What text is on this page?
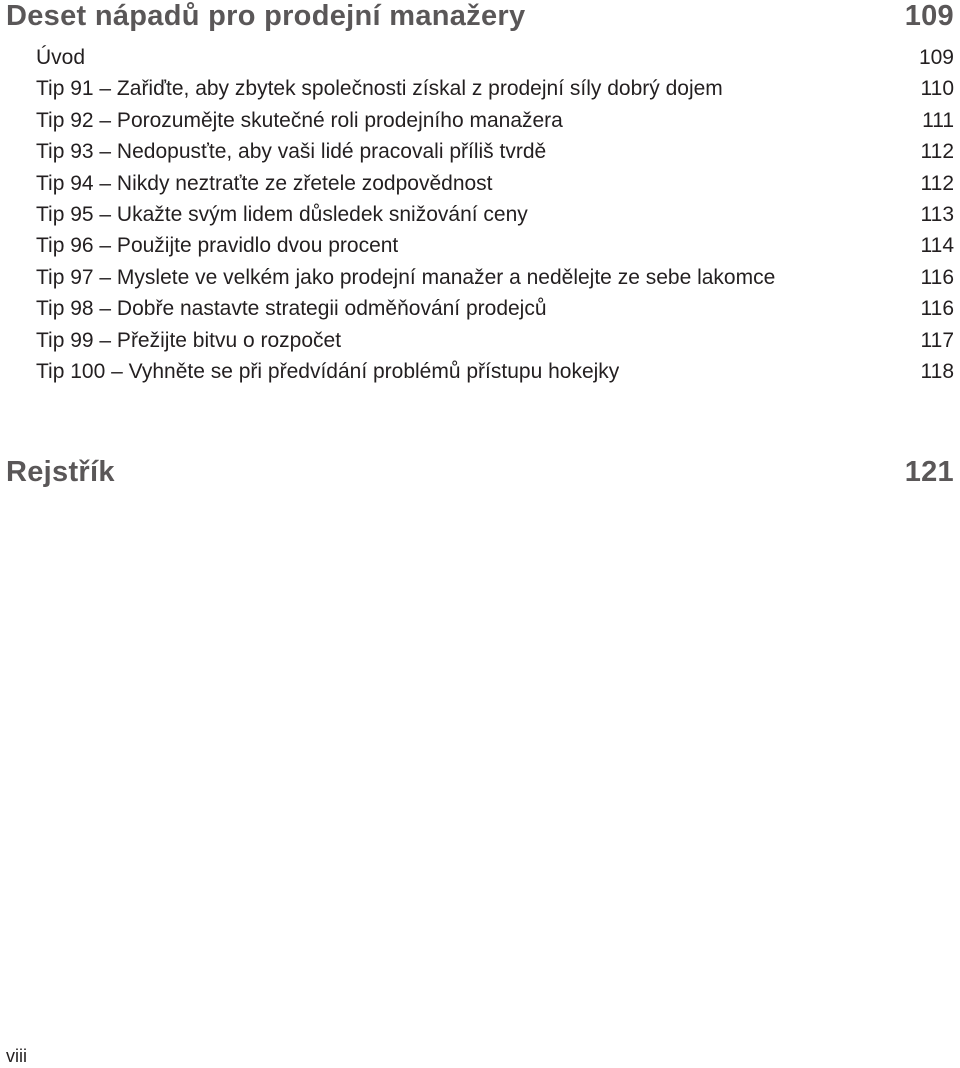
Deset nápadů pro prodejní manažery	109
Úvod	109
Tip 91 – Zařiďte, aby zbytek společnosti získal z prodejní síly dobrý dojem	110
Tip 92 – Porozumějte skutečné roli prodejního manažera	111
Tip 93 – Nedopusťte, aby vaši lidé pracovali příliš tvrdě	112
Tip 94 – Nikdy neztraťte ze zřetele zodpovědnost	112
Tip 95 – Ukažte svým lidem důsledek snižování ceny	113
Tip 96 – Použijte pravidlo dvou procent	114
Tip 97 – Myslete ve velkém jako prodejní manažer a nedělejte ze sebe lakomce	116
Tip 98 – Dobře nastavte strategii odměňování prodejců	116
Tip 99 – Přežijte bitvu o rozpočet	117
Tip 100 – Vyhněte se při předvídání problémů přístupu hokejky	118
Rejstřík	121
viii
